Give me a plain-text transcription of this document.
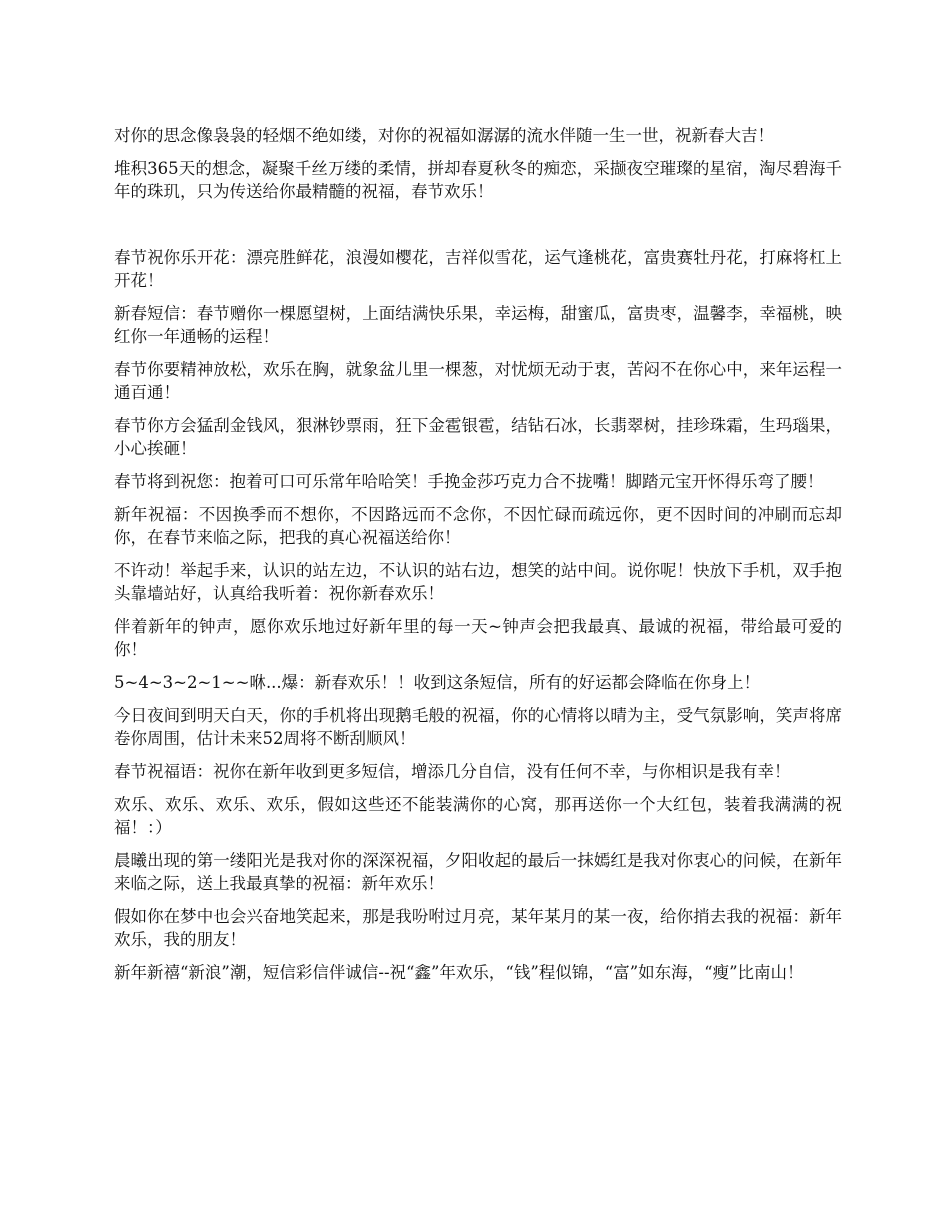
对你的思念像袅袅的轻烟不绝如缕，对你的祝福如潺潺的流水伴随一生一世，祝新春大吉！

堆积365天的想念，凝聚千丝万缕的柔情，拼却春夏秋冬的痴恋，采撷夜空璀璨的星宿，淘尽碧海千年的珠玑，只为传送给你最精髓的祝福，春节欢乐！

春节祝你乐开花：漂亮胜鲜花，浪漫如樱花，吉祥似雪花，运气逢桃花，富贵赛牡丹花，打麻将杠上开花！

新春短信：春节赠你一棵愿望树，上面结满快乐果，幸运梅，甜蜜瓜，富贵枣，温馨李，幸福桃，映红你一年通畅的运程！

春节你要精神放松，欢乐在胸，就象盆儿里一棵葱，对忧烦无动于衷，苦闷不在你心中，来年运程一通百通！

春节你方会猛刮金钱风，狠淋钞票雨，狂下金雹银雹，结钻石冰，长翡翠树，挂珍珠霜，生玛瑙果，小心挨砸！

春节将到祝您：抱着可口可乐常年哈哈笑！手挽金莎巧克力合不拢嘴！脚踏元宝开怀得乐弯了腰！

新年祝福：不因换季而不想你，不因路远而不念你，不因忙碌而疏远你，更不因时间的冲刷而忘却你，在春节来临之际，把我的真心祝福送给你！

不许动！举起手来，认识的站左边，不认识的站右边，想笑的站中间。说你呢！快放下手机，双手抱头靠墙站好，认真给我听着：祝你新春欢乐！

伴着新年的钟声，愿你欢乐地过好新年里的每一天~钟声会把我最真、最诚的祝福，带给最可爱的你！

5~4~3~2~1~~咻...爆：新春欢乐！！收到这条短信，所有的好运都会降临在你身上！

今日夜间到明天白天，你的手机将出现鹅毛般的祝福，你的心情将以晴为主，受气氛影响，笑声将席卷你周围，估计未来52周将不断刮顺风！

春节祝福语：祝你在新年收到更多短信，增添几分自信，没有任何不幸，与你相识是我有幸！

欢乐、欢乐、欢乐、欢乐，假如这些还不能装满你的心窝，那再送你一个大红包，装着我满满的祝福！：）

晨曦出现的第一缕阳光是我对你的深深祝福，夕阳收起的最后一抹嫣红是我对你衷心的问候，在新年来临之际，送上我最真挚的祝福：新年欢乐！

假如你在梦中也会兴奋地笑起来，那是我吩咐过月亮，某年某月的某一夜，给你捎去我的祝福：新年欢乐，我的朋友！

新年新禧“新浪”潮，短信彩信伴诚信--祝“鑫”年欢乐，“钱”程似锦，“富”如东海，“瘦”比南山！
